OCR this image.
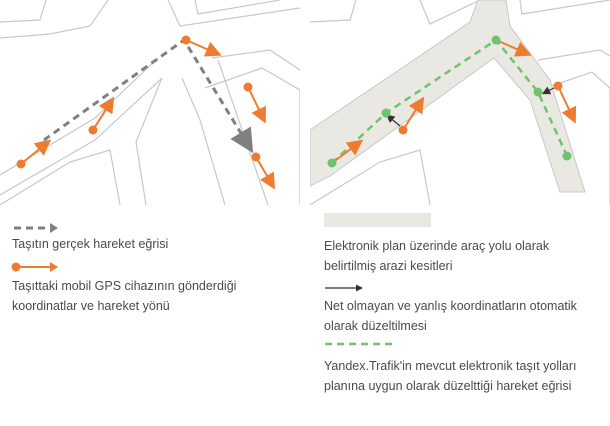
Taşıtın gerçek hareket eğrisi
Taşıttaki mobil GPS cihazının gönderdiği
koordinatlar ve hareket yönü
Elektronik plan üzerinde araç yolu olarak
belirtilmiş arazi kesitleri
Net olmayan ve yanlış koordinatların otomatik
olarak düzeltilmesi
Yandex.Trafik'in mevcut elektronik taşıt yolları
planına uygun olarak düzelttiği hareket eğrisi
